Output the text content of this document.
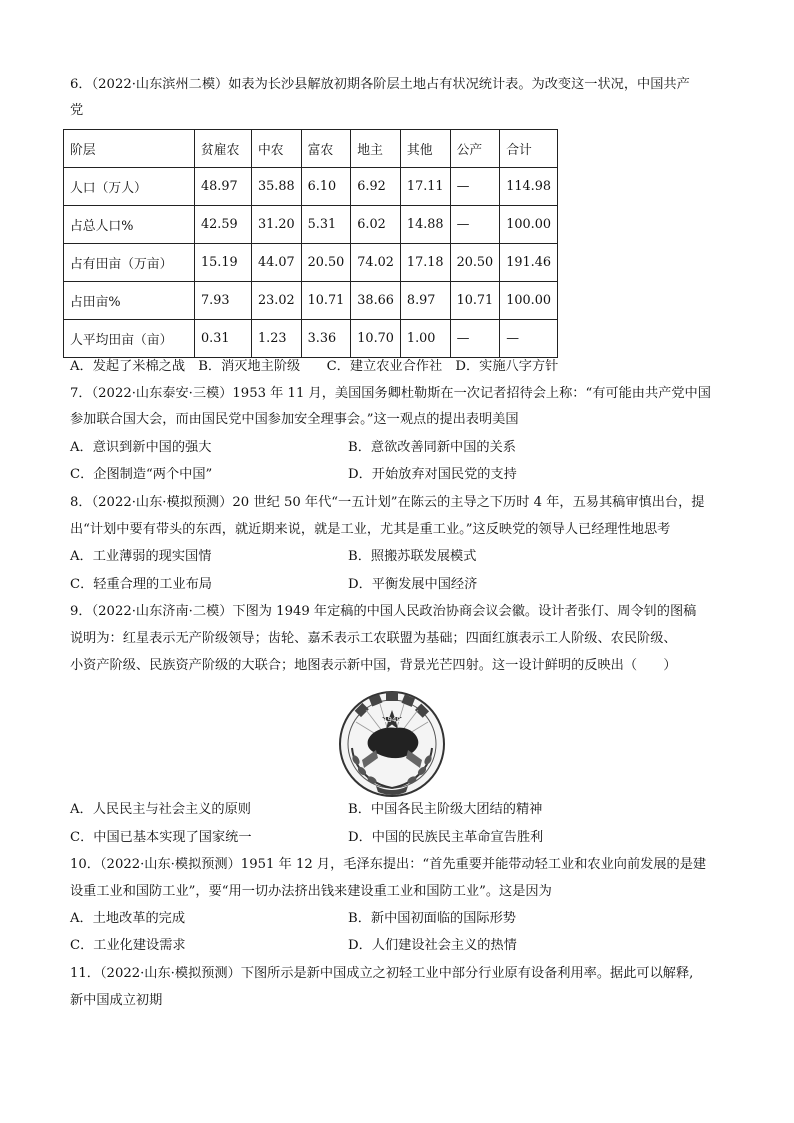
6．（2022·山东滨州二模）如表为长沙县解放初期各阶层土地占有状况统计表。为改变这一状况，中国共产
党
阶层	贫雇农	中农	富农	地主	其他	公产	合计
人口（万人）	48.97	35.88	6.10	6.92	17.11	—	114.98
占总人口%	42.59	31.20	5.31	6.02	14.88	—	100.00
占有田亩（万亩）	15.19	44.07	20.50	74.02	17.18	20.50	191.46
占田亩%	7.93	23.02	10.71	38.66	8.97	10.71	100.00
人平均田亩（亩）	0.31	1.23	3.36	10.70	1.00	—	—
A．发起了米棉之战　B．消灭地主阶级　　C．建立农业合作社　D．实施八字方针
7．（2022·山东泰安·三模）1953 年 11 月，美国国务卿杜勒斯在一次记者招待会上称：“有可能由共产党中国
参加联合国大会，而由国民党中国参加安全理事会。”这一观点的提出表明美国
A．意识到新中国的强大	B．意欲改善同新中国的关系
C．企图制造“两个中国”	D．开始放弃对国民党的支持
8．（2022·山东·模拟预测）20 世纪 50 年代“一五计划”在陈云的主导之下历时 4 年，五易其稿审慎出台，提
出“计划中要有带头的东西，就近期来说，就是工业，尤其是重工业。”这反映党的领导人已经理性地思考
A．工业薄弱的现实国情	B．照搬苏联发展模式
C．轻重合理的工业布局	D．平衡发展中国经济
9．（2022·山东济南·二模）下图为 1949 年定稿的中国人民政治协商会议会徽。设计者张仃、周令钊的图稿
说明为：红星表示无产阶级领导；齿轮、嘉禾表示工农联盟为基础；四面红旗表示工人阶级、农民阶级、
小资产阶级、民族资产阶级的大联合；地图表示新中国，背景光芒四射。这一设计鲜明的反映出（　　）
1949
A．人民民主与社会主义的原则	B．中国各民主阶级大团结的精神
C．中国已基本实现了国家统一	D．中国的民族民主革命宣告胜利
10．（2022·山东·模拟预测）1951 年 12 月，毛泽东提出：“首先重要并能带动轻工业和农业向前发展的是建
设重工业和国防工业”，要“用一切办法挤出钱来建设重工业和国防工业”。这是因为
A．土地改革的完成	B．新中国初面临的国际形势
C．工业化建设需求	D．人们建设社会主义的热情
11．（2022·山东·模拟预测）下图所示是新中国成立之初轻工业中部分行业原有设备利用率。据此可以解释,
新中国成立初期
